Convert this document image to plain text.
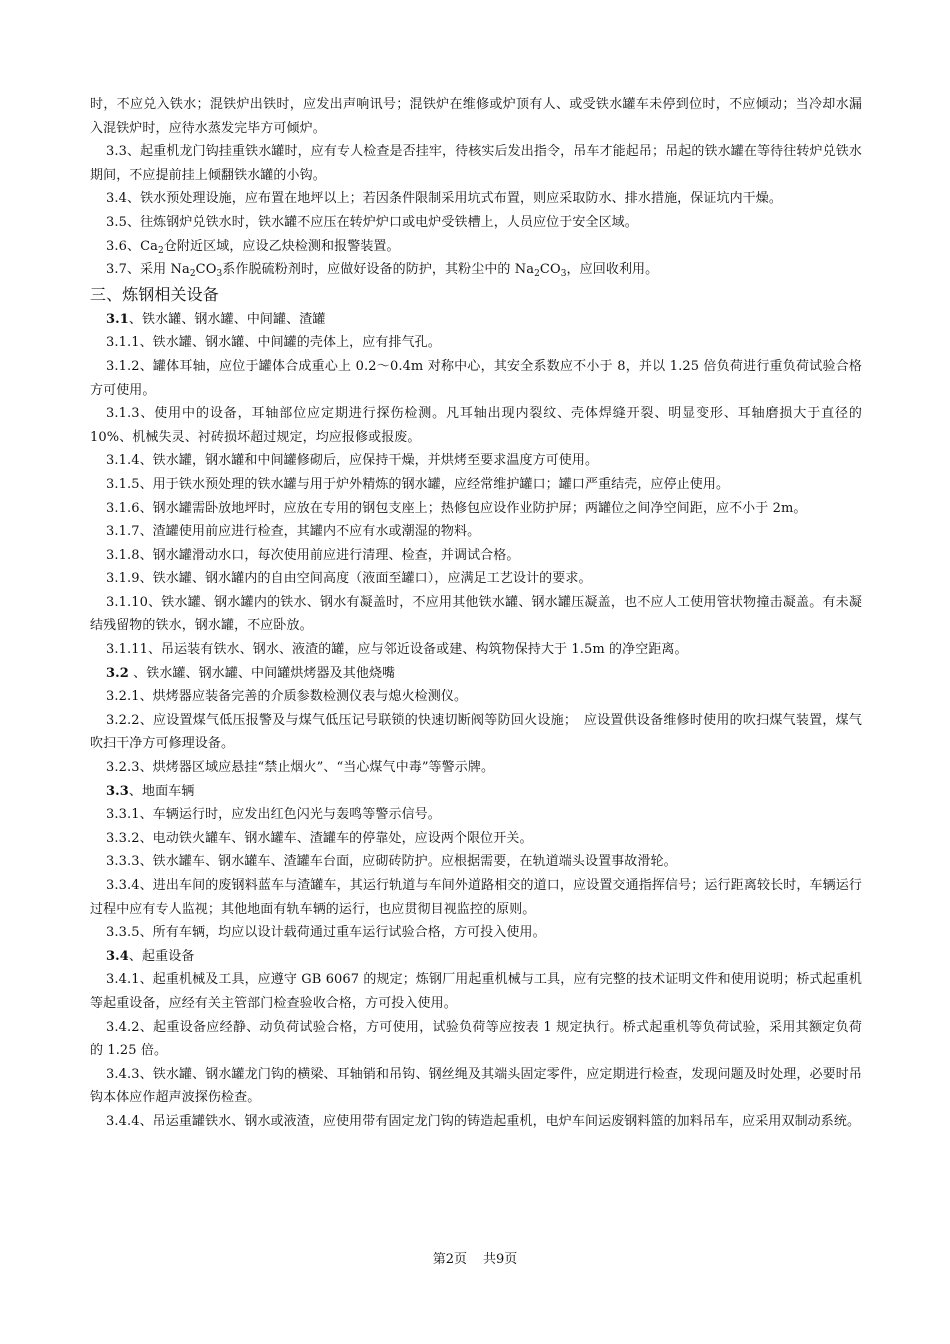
时，不应兑入铁水；混铁炉出铁时，应发出声响讯号；混铁炉在维修或炉顶有人、或受铁水罐车未停到位时，不应倾动；当冷却水漏入混铁炉时，应待水蒸发完毕方可倾炉。

3.3、起重机龙门钩挂重铁水罐时，应有专人检查是否挂牢，待核实后发出指令，吊车才能起吊；吊起的铁水罐在等待往转炉兑铁水期间，不应提前挂上倾翻铁水罐的小钩。

3.4、铁水预处理设施，应布置在地坪以上；若因条件限制采用坑式布置，则应采取防水、排水措施，保证坑内干燥。

3.5、往炼钢炉兑铁水时，铁水罐不应压在转炉炉口或电炉受铁槽上，人员应位于安全区域。

3.6、$Ca_2$仓附近区域，应设乙炔检测和报警装置。

3.7、采用 $Na_2CO_3$系作脱硫粉剂时，应做好设备的防护，其粉尘中的 $Na_2CO_3$，应回收利用。

三、炼钢相关设备

3.1、铁水罐、钢水罐、中间罐、渣罐

3.1.1、铁水罐、钢水罐、中间罐的壳体上，应有排气孔。

3.1.2、罐体耳轴，应位于罐体合成重心上 0.2～0.4m 对称中心，其安全系数应不小于 8，并以 1.25 倍负荷进行重负荷试验合格方可使用。

3.1.3、使用中的设备，耳轴部位应定期进行探伤检测。凡耳轴出现内裂纹、壳体焊缝开裂、明显变形、耳轴磨损大于直径的 10%、机械失灵、衬砖损坏超过规定，均应报修或报废。

3.1.4、铁水罐，钢水罐和中间罐修砌后，应保持干燥，并烘烤至要求温度方可使用。

3.1.5、用于铁水预处理的铁水罐与用于炉外精炼的钢水罐，应经常维护罐口；罐口严重结壳，应停止使用。

3.1.6、钢水罐需卧放地坪时，应放在专用的钢包支座上；热修包应设作业防护屏；两罐位之间净空间距，应不小于 2m。

3.1.7、渣罐使用前应进行检查，其罐内不应有水或潮湿的物料。

3.1.8、钢水罐滑动水口，每次使用前应进行清理、检查，并调试合格。

3.1.9、铁水罐、钢水罐内的自由空间高度（液面至罐口），应满足工艺设计的要求。

3.1.10、铁水罐、钢水罐内的铁水、钢水有凝盖时，不应用其他铁水罐、钢水罐压凝盖，也不应人工使用管状物撞击凝盖。有未凝结残留物的铁水，钢水罐，不应卧放。

3.1.11、吊运装有铁水、钢水、液渣的罐，应与邻近设备或建、构筑物保持大于 1.5m 的净空距离。

3.2 、铁水罐、钢水罐、中间罐烘烤器及其他烧嘴

3.2.1、烘烤器应装备完善的介质参数检测仪表与熄火检测仪。

3.2.2、应设置煤气低压报警及与煤气低压记号联锁的快速切断阀等防回火设施；　应设置供设备维修时使用的吹扫煤气装置，煤气吹扫干净方可修理设备。

3.2.3、烘烤器区域应悬挂“禁止烟火”、“当心煤气中毒”等警示牌。

3.3、地面车辆

3.3.1、车辆运行时，应发出红色闪光与轰鸣等警示信号。

3.3.2、电动铁火罐车、钢水罐车、渣罐车的停靠处，应设两个限位开关。

3.3.3、铁水罐车、钢水罐车、渣罐车台面，应砌砖防护。应根据需要，在轨道端头设置事故滑轮。

3.3.4、进出车间的废钢料蓝车与渣罐车，其运行轨道与车间外道路相交的道口，应设置交通指挥信号；运行距离较长时，车辆运行过程中应有专人监视；其他地面有轨车辆的运行，也应贯彻目视监控的原则。

3.3.5、所有车辆，均应以设计载荷通过重车运行试验合格，方可投入使用。

3.4、起重设备

3.4.1、起重机械及工具，应遵守 GB 6067 的规定；炼钢厂用起重机械与工具，应有完整的技术证明文件和使用说明；桥式起重机等起重设备，应经有关主管部门检查验收合格，方可投入使用。

3.4.2、起重设备应经静、动负荷试验合格，方可使用，试验负荷等应按表 1 规定执行。桥式起重机等负荷试验，采用其额定负荷的 1.25 倍。

3.4.3、铁水罐、钢水罐龙门钩的横梁、耳轴销和吊钩、钢丝绳及其端头固定零件，应定期进行检查，发现问题及时处理，必要时吊钩本体应作超声波探伤检查。

3.4.4、吊运重罐铁水、钢水或液渣，应使用带有固定龙门钩的铸造起重机，电炉车间运废钢料篮的加料吊车，应采用双制动系统。

第2页 共9页
